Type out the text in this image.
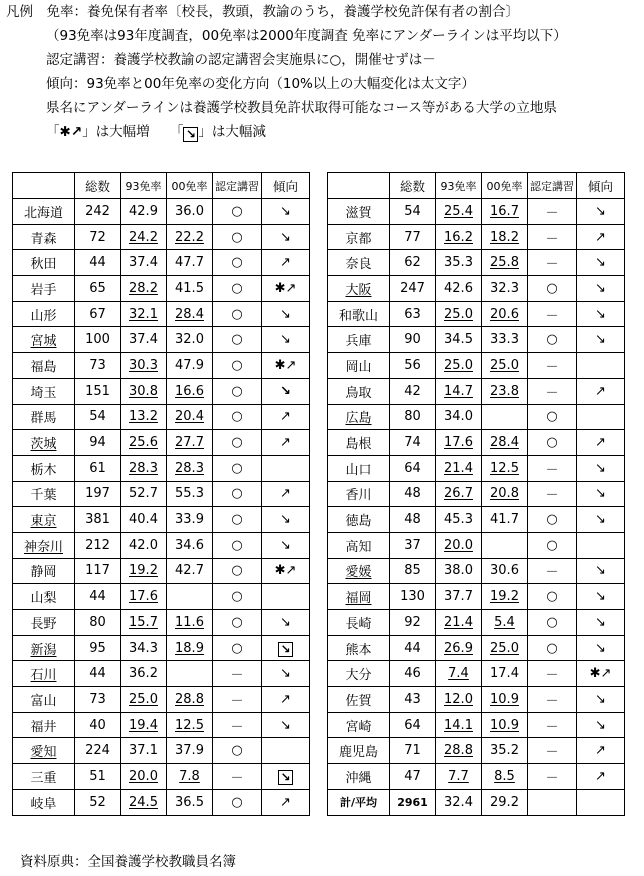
凡例　免率：養免保有者率〔校長，教頭，教諭のうち，養護学校免許保有者の割合〕
（93免率は93年度調査，00免率は2000年度調査 免率にアンダーラインは平均以下）
認定講習：養護学校教諭の認定講習会実施県に○，開催せずは－
傾向：93免率と00年免率の変化方向（10%以上の大幅変化は太文字）
県名にアンダーラインは養護学校教員免許状取得可能なコース等がある大学の立地県
「✱↗」は大幅増　　「 ↘ 」は大幅減
	総数	93免率	00免率	認定講習	傾向
北海道	242	42.9	36.0	○	↘
青森	72	24.2	22.2	○	↘
秋田	44	37.4	47.7	○	↗
岩手	65	28.2	41.5	○	✱↗
山形	67	32.1	28.4	○	↘
宮城	100	37.4	32.0	○	↘
福島	73	30.3	47.9	○	✱↗
埼玉	151	30.8	16.6	○	↘
群馬	54	13.2	20.4	○	↗
茨城	94	25.6	27.7	○	↗
栃木	61	28.3	28.3	○	
千葉	197	52.7	55.3	○	↗
東京	381	40.4	33.9	○	↘
神奈川	212	42.0	34.6	○	↘
静岡	117	19.2	42.7	○	✱↗
山梨	44	17.6		○	
長野	80	15.7	11.6	○	↘
新潟	95	34.3	18.9	○	↘
石川	44	36.2		－	↘
富山	73	25.0	28.8	－	↗
福井	40	19.4	12.5	－	↘
愛知	224	37.1	37.9	○	
三重	51	20.0	7.8	－	↘
岐阜	52	24.5	36.5	○	↗
	総数	93免率	00免率	認定講習	傾向
滋賀	54	25.4	16.7	－	↘
京都	77	16.2	18.2	－	↗
奈良	62	35.3	25.8	－	↘
大阪	247	42.6	32.3	○	↘
和歌山	63	25.0	20.6	－	↘
兵庫	90	34.5	33.3	○	↘
岡山	56	25.0	25.0	－	
鳥取	42	14.7	23.8	－	↗
広島	80	34.0		○	
島根	74	17.6	28.4	○	↗
山口	64	21.4	12.5	－	↘
香川	48	26.7	20.8	－	↘
徳島	48	45.3	41.7	○	↘
高知	37	20.0		○	
愛媛	85	38.0	30.6	－	↘
福岡	130	37.7	19.2	○	↘
長崎	92	21.4	5.4	○	↘
熊本	44	26.9	25.0	○	↘
大分	46	7.4	17.4	－	✱↗
佐賀	43	12.0	10.9	－	↘
宮崎	64	14.1	10.9	－	↘
鹿児島	71	28.8	35.2	－	↗
沖縄	47	7.7	8.5	－	↗
計/平均	2961	32.4	29.2		
資料原典：全国養護学校教職員名簿
